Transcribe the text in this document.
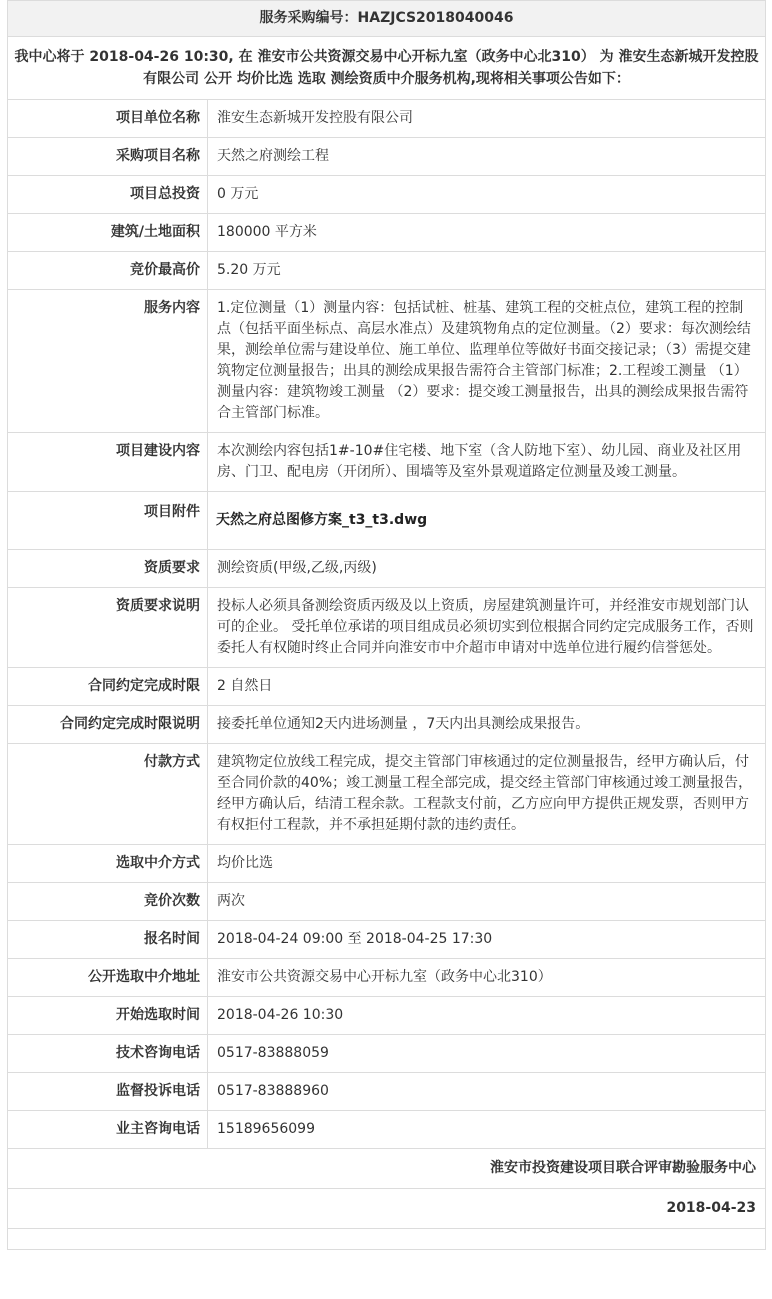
服务采购编号：HAZJCS2018040046	
我中心将于 2018-04-26 10:30, 在 淮安市公共资源交易中心开标九室（政务中心北310） 为 淮安生态新城开发控股有限公司 公开 均价比选 选取 测绘资质中介服务机构,现将相关事项公告如下：	
项目单位名称	淮安生态新城开发控股有限公司
采购项目名称	天然之府测绘工程
项目总投资	0 万元
建筑/土地面积	180000 平方米
竞价最高价	5.20 万元
服务内容	1.定位测量（1）测量内容：包括试桩、桩基、建筑工程的交桩点位，建筑工程的控制点（包括平面坐标点、高层水准点）及建筑物角点的定位测量。（2）要求：每次测绘结果，测绘单位需与建设单位、施工单位、监理单位等做好书面交接记录；（3）需提交建筑物定位测量报告；出具的测绘成果报告需符合主管部门标准；2.工程竣工测量 （1）测量内容：建筑物竣工测量 （2）要求：提交竣工测量报告，出具的测绘成果报告需符合主管部门标准。
项目建设内容	本次测绘内容包括1#-10#住宅楼、地下室（含人防地下室）、幼儿园、商业及社区用房、门卫、配电房（开闭所）、围墙等及室外景观道路定位测量及竣工测量。
项目附件	天然之府总图修方案_t3_t3.dwg
资质要求	测绘资质(甲级,乙级,丙级)
资质要求说明	投标人必须具备测绘资质丙级及以上资质，房屋建筑测量许可，并经淮安市规划部门认可的企业。 受托单位承诺的项目组成员必须切实到位根据合同约定完成服务工作，否则委托人有权随时终止合同并向淮安市中介超市申请对中选单位进行履约信誉惩处。
合同约定完成时限	2 自然日
合同约定完成时限说明	接委托单位通知2天内进场测量 ，7天内出具测绘成果报告。
付款方式	建筑物定位放线工程完成，提交主管部门审核通过的定位测量报告，经甲方确认后，付至合同价款的40%；竣工测量工程全部完成，提交经主管部门审核通过竣工测量报告，经甲方确认后，结清工程余款。工程款支付前，乙方应向甲方提供正规发票，否则甲方有权拒付工程款，并不承担延期付款的违约责任。
选取中介方式	均价比选
竞价次数	两次
报名时间	2018-04-24 09:00 至 2018-04-25 17:30
公开选取中介地址	淮安市公共资源交易中心开标九室（政务中心北310）
开始选取时间	2018-04-26 10:30
技术咨询电话	0517-83888059
监督投诉电话	0517-83888960
业主咨询电话	15189656099
淮安市投资建设项目联合评审勘验服务中心	
2018-04-23	
